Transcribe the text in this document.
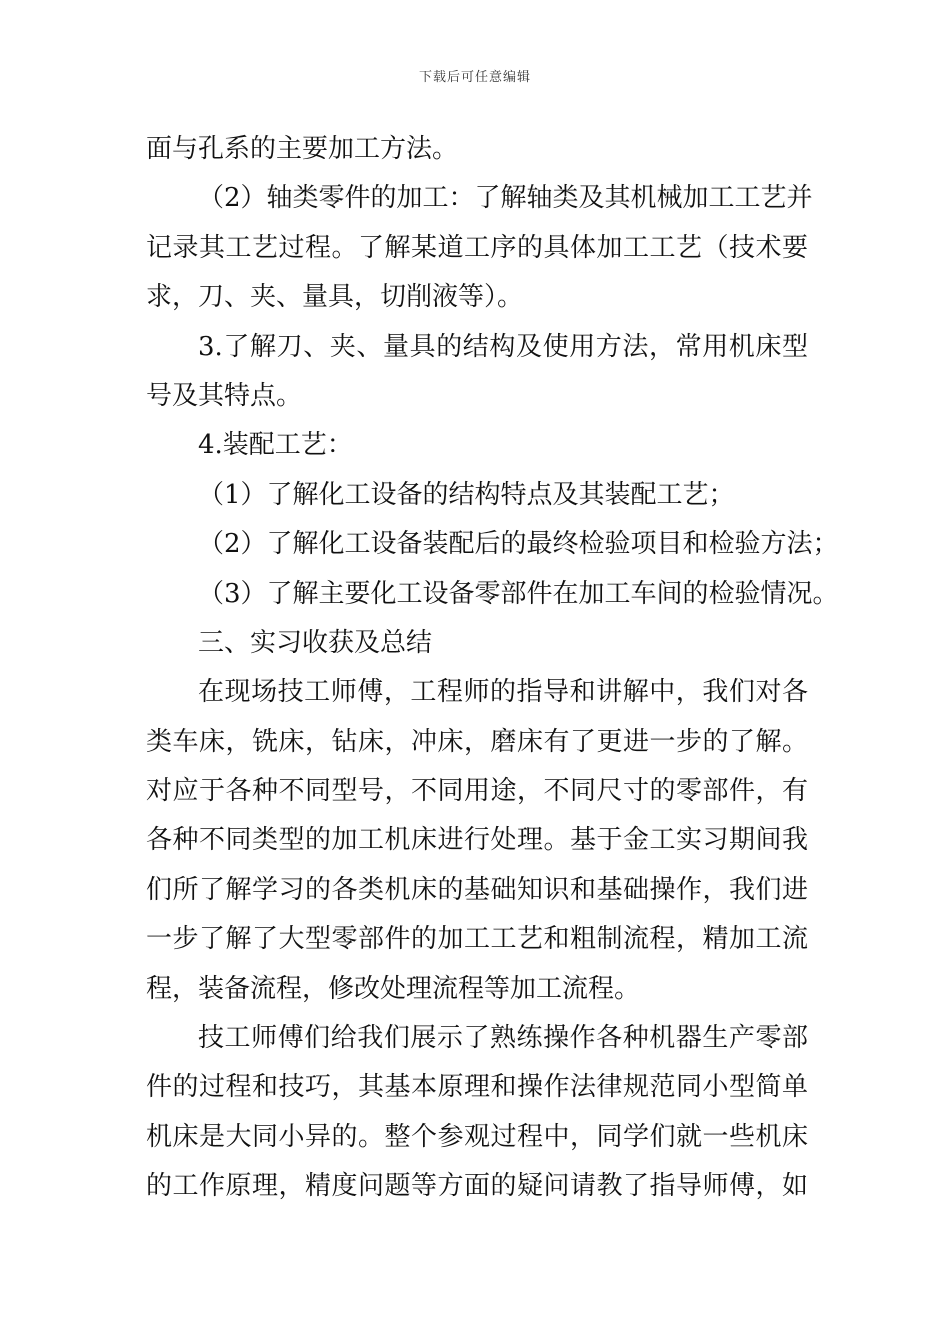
下载后可任意编辑
面与孔系的主要加工方法。
（2）轴类零件的加工：了解轴类及其机械加工工艺并
记录其工艺过程。了解某道工序的具体加工工艺（技术要
求，刀、夹、量具，切削液等）。
3.了解刀、夹、量具的结构及使用方法，常用机床型
号及其特点。
4.装配工艺：
（1）了解化工设备的结构特点及其装配工艺；
（2）了解化工设备装配后的最终检验项目和检验方法；
（3）了解主要化工设备零部件在加工车间的检验情况。
三、实习收获及总结
在现场技工师傅，工程师的指导和讲解中，我们对各
类车床，铣床，钻床，冲床，磨床有了更进一步的了解。
对应于各种不同型号，不同用途，不同尺寸的零部件，有
各种不同类型的加工机床进行处理。基于金工实习期间我
们所了解学习的各类机床的基础知识和基础操作，我们进
一步了解了大型零部件的加工工艺和粗制流程，精加工流
程，装备流程，修改处理流程等加工流程。
技工师傅们给我们展示了熟练操作各种机器生产零部
件的过程和技巧，其基本原理和操作法律规范同小型简单
机床是大同小异的。整个参观过程中，同学们就一些机床
的工作原理，精度问题等方面的疑问请教了指导师傅，如
